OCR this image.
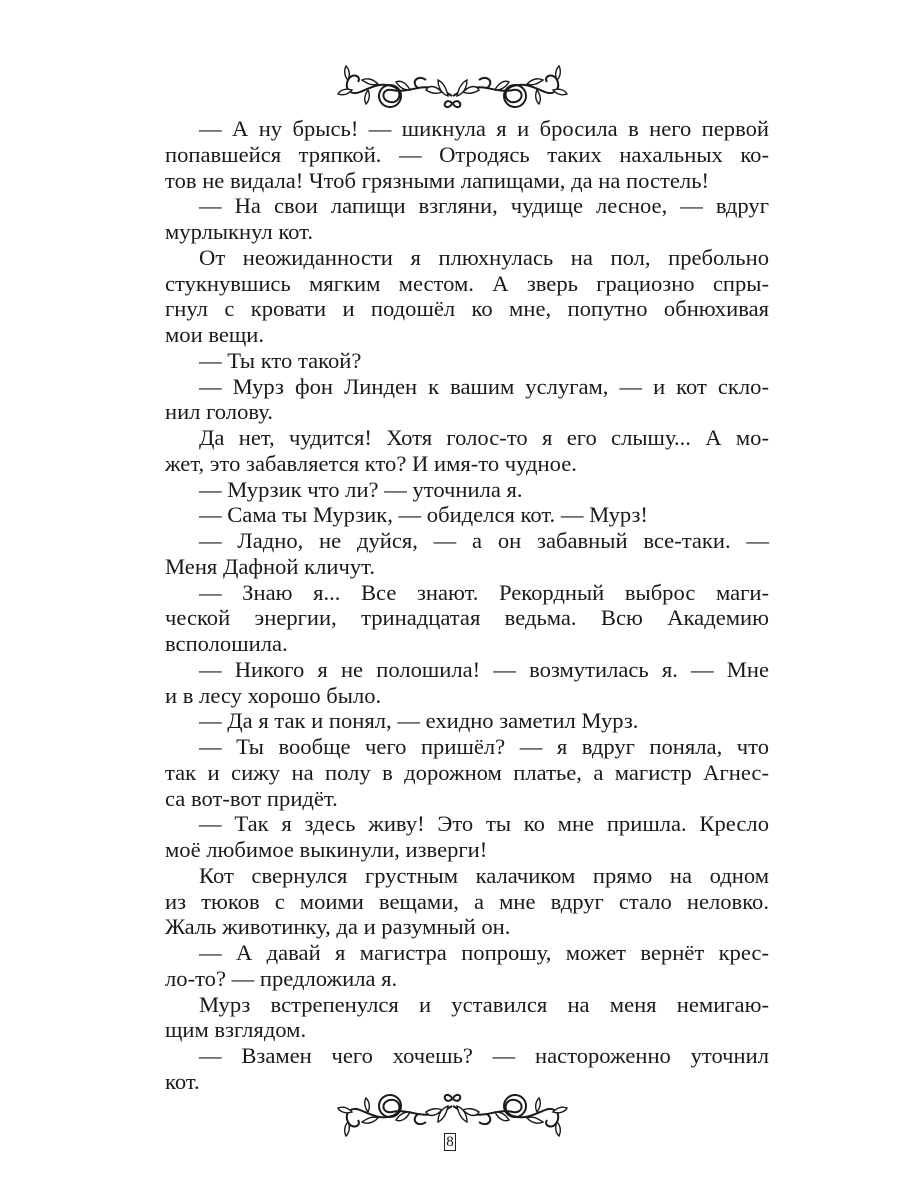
— А ну брысь! — шикнула я и бросила в него первой
попавшейся тряпкой. — Отродясь таких нахальных ко-
тов не видала! Чтоб грязными лапищами, да на постель!
— На свои лапищи взгляни, чудище лесное, — вдруг
мурлыкнул кот.
От неожиданности я плюхнулась на пол, пребольно
стукнувшись мягким местом. А зверь грациозно спры-
гнул с кровати и подошёл ко мне, попутно обнюхивая
мои вещи.
— Ты кто такой?
— Мурз фон Линден к вашим услугам, — и кот скло-
нил голову.
Да нет, чудится! Хотя голос-то я его слышу... А мо-
жет, это забавляется кто? И имя-то чудное.
— Мурзик что ли? — уточнила я.
— Сама ты Мурзик, — обиделся кот. — Мурз!
— Ладно, не дуйся, — а он забавный все-таки. —
Меня Дафной кличут.
— Знаю я... Все знают. Рекордный выброс маги-
ческой энергии, тринадцатая ведьма. Всю Академию
всполошила.
— Никого я не полошила! — возмутилась я. — Мне
и в лесу хорошо было.
— Да я так и понял, — ехидно заметил Мурз.
— Ты вообще чего пришёл? — я вдруг поняла, что
так и сижу на полу в дорожном платье, а магистр Агнес-
са вот-вот придёт.
— Так я здесь живу! Это ты ко мне пришла. Кресло
моё любимое выкинули, изверги!
Кот свернулся грустным калачиком прямо на одном
из тюков с моими вещами, а мне вдруг стало неловко.
Жаль животинку, да и разумный он.
— А давай я магистра попрошу, может вернёт крес-
ло-то? — предложила я.
Мурз встрепенулся и уставился на меня немигаю-
щим взглядом.
— Взамен чего хочешь? — настороженно уточнил
кот.
8
